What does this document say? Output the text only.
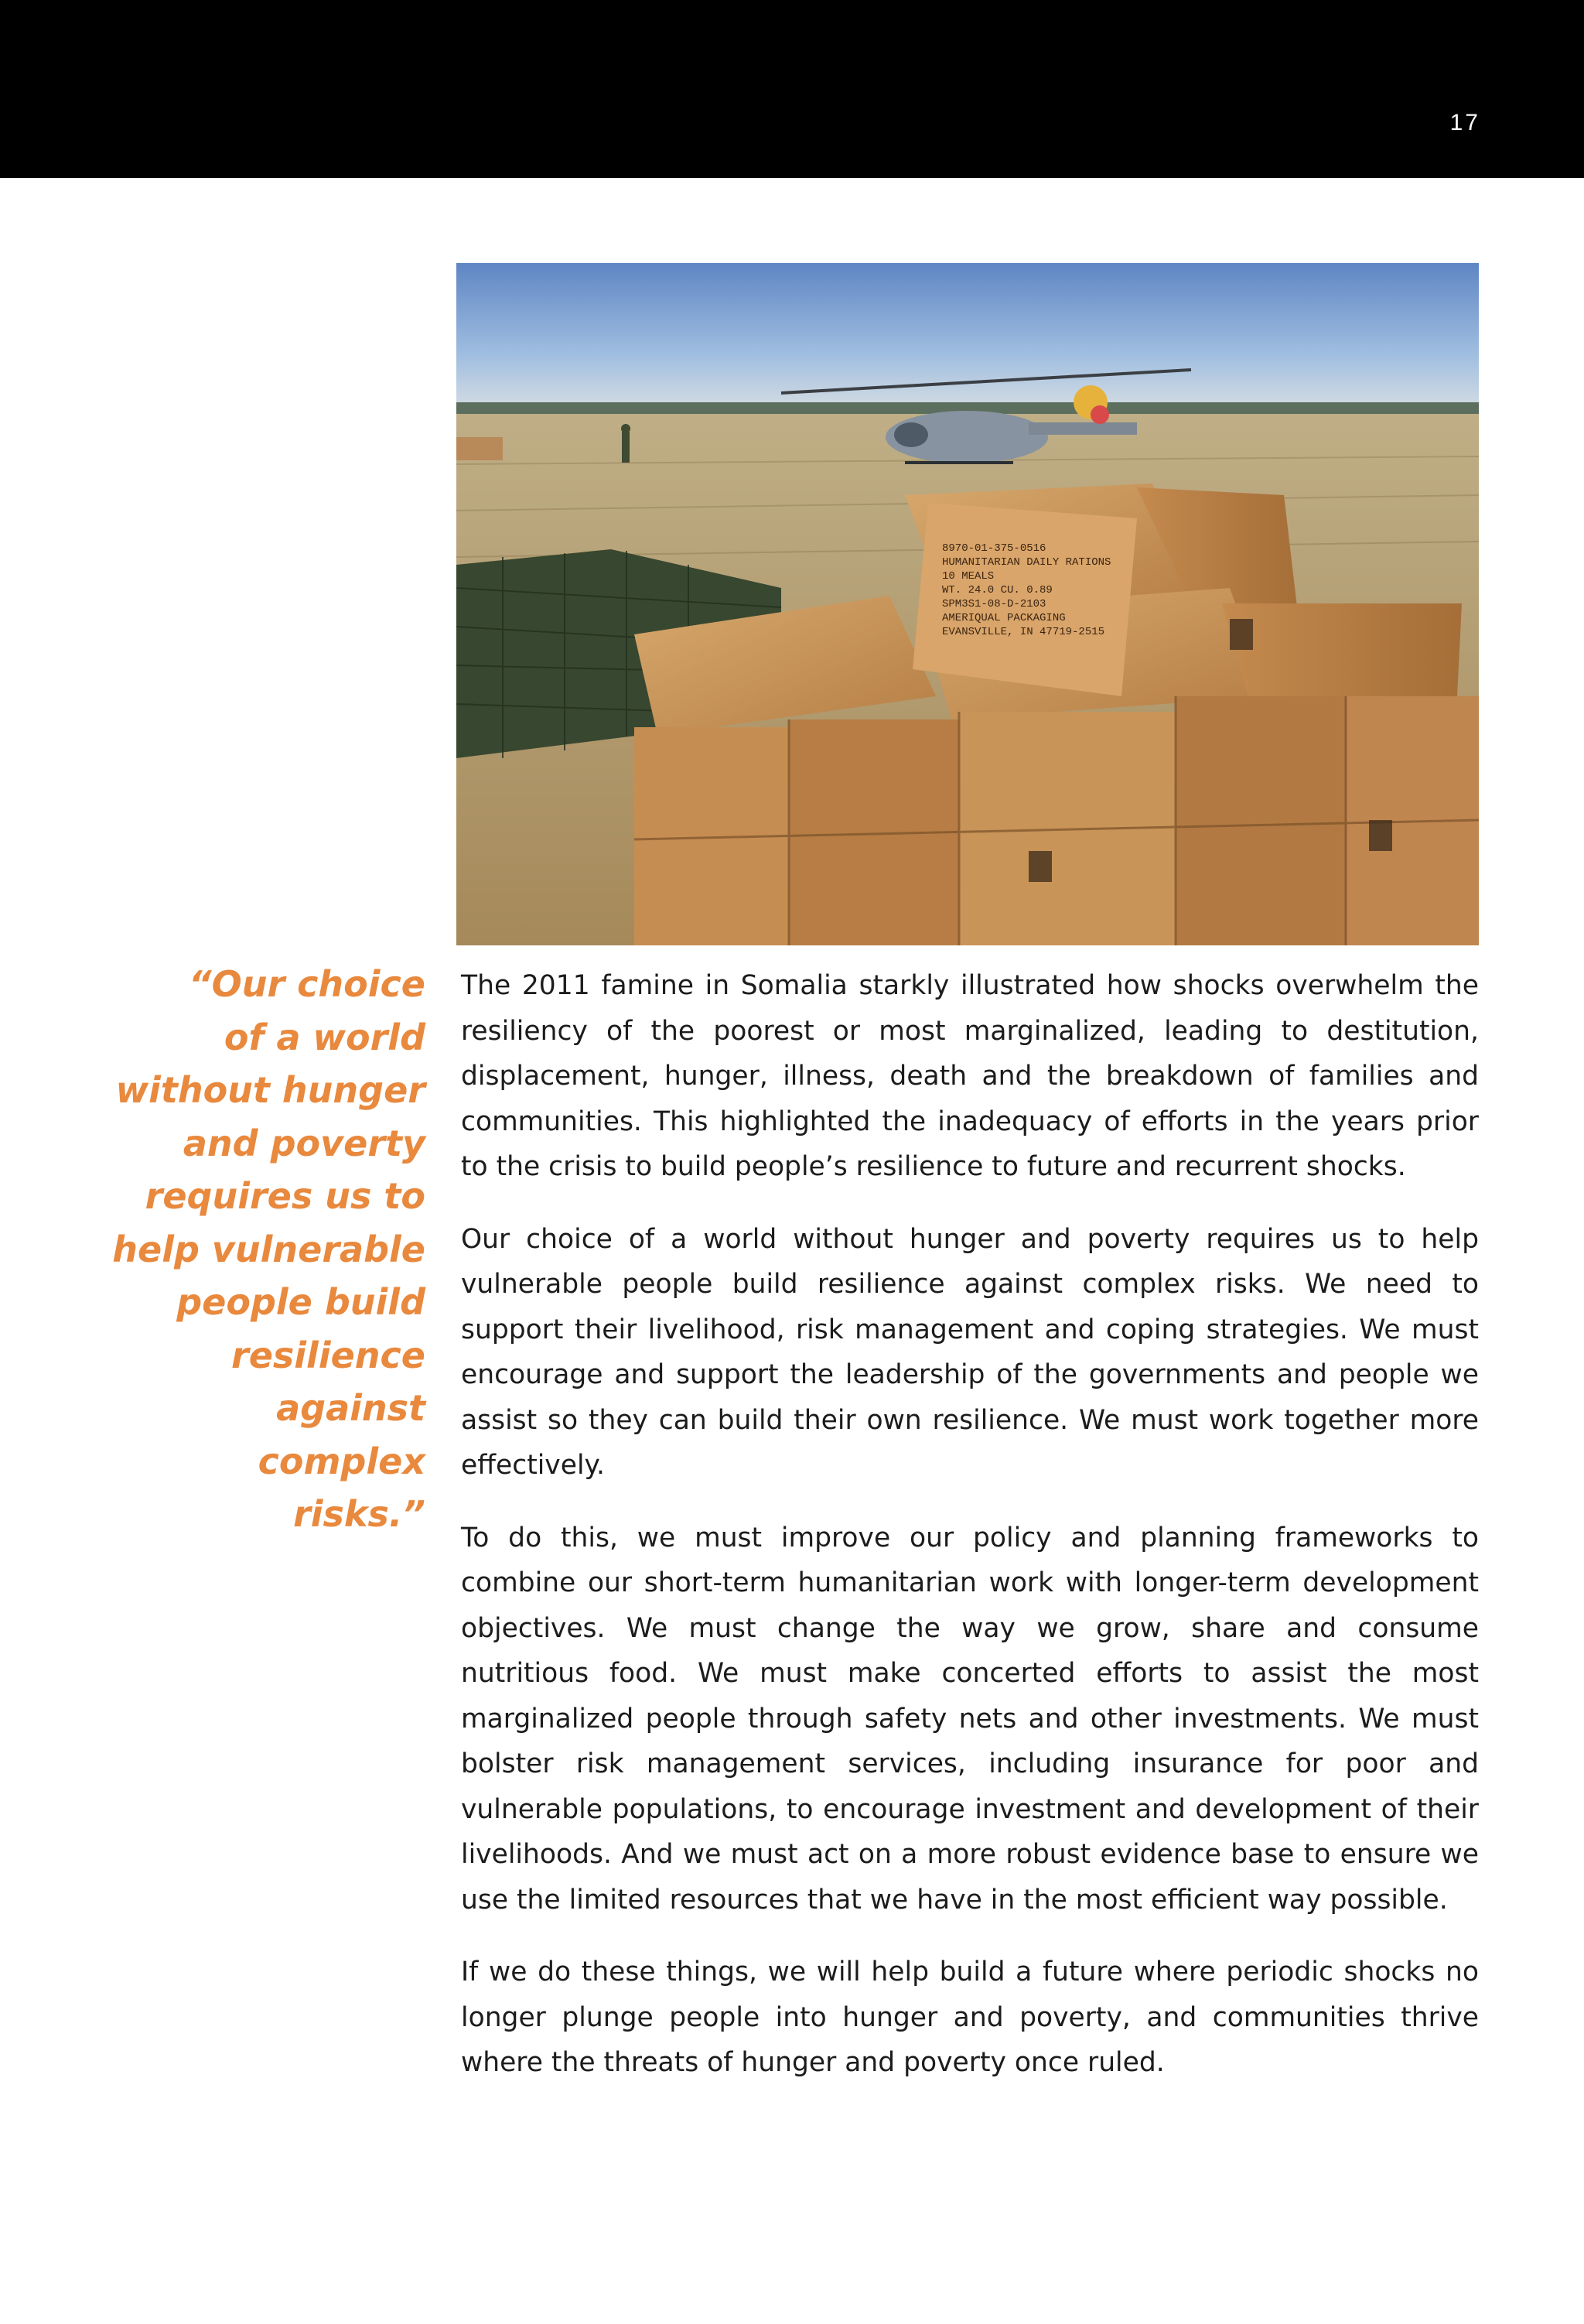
17
8970-01-375-0516
HUMANITARIAN DAILY RATIONS
10 MEALS
WT. 24.0 CU. 0.89
SPM3S1-08-D-2103
AMERIQUAL PACKAGING
EVANSVILLE, IN 47719-2515
“Our choice
of a world
without hunger
and poverty
requires us to
help vulnerable
people build
resilience
against
complex
risks.”

The 2011 famine in Somalia starkly illustrated how shocks overwhelm the resiliency of the poorest or most marginalized, leading to destitution, displacement, hunger, illness, death and the breakdown of families and communities. This highlighted the inadequacy of efforts in the years prior to the crisis to build people’s resilience to future and recurrent shocks.

Our choice of a world without hunger and poverty requires us to help vulnerable people build resilience against complex risks. We need to support their livelihood, risk management and coping strategies. We must encourage and support the leadership of the governments and people we assist so they can build their own resilience. We must work together more effectively.

To do this, we must improve our policy and planning frameworks to combine our short-term humanitarian work with longer-term development objectives. We must change the way we grow, share and consume nutritious food. We must make concerted efforts to assist the most marginalized people through safety nets and other investments. We must bolster risk management services, including insurance for poor and vulnerable populations, to encourage investment and development of their livelihoods. And we must act on a more robust evidence base to ensure we use the limited resources that we have in the most efficient way possible.

If we do these things, we will help build a future where periodic shocks no longer plunge people into hunger and poverty, and communities thrive where the threats of hunger and poverty once ruled.
